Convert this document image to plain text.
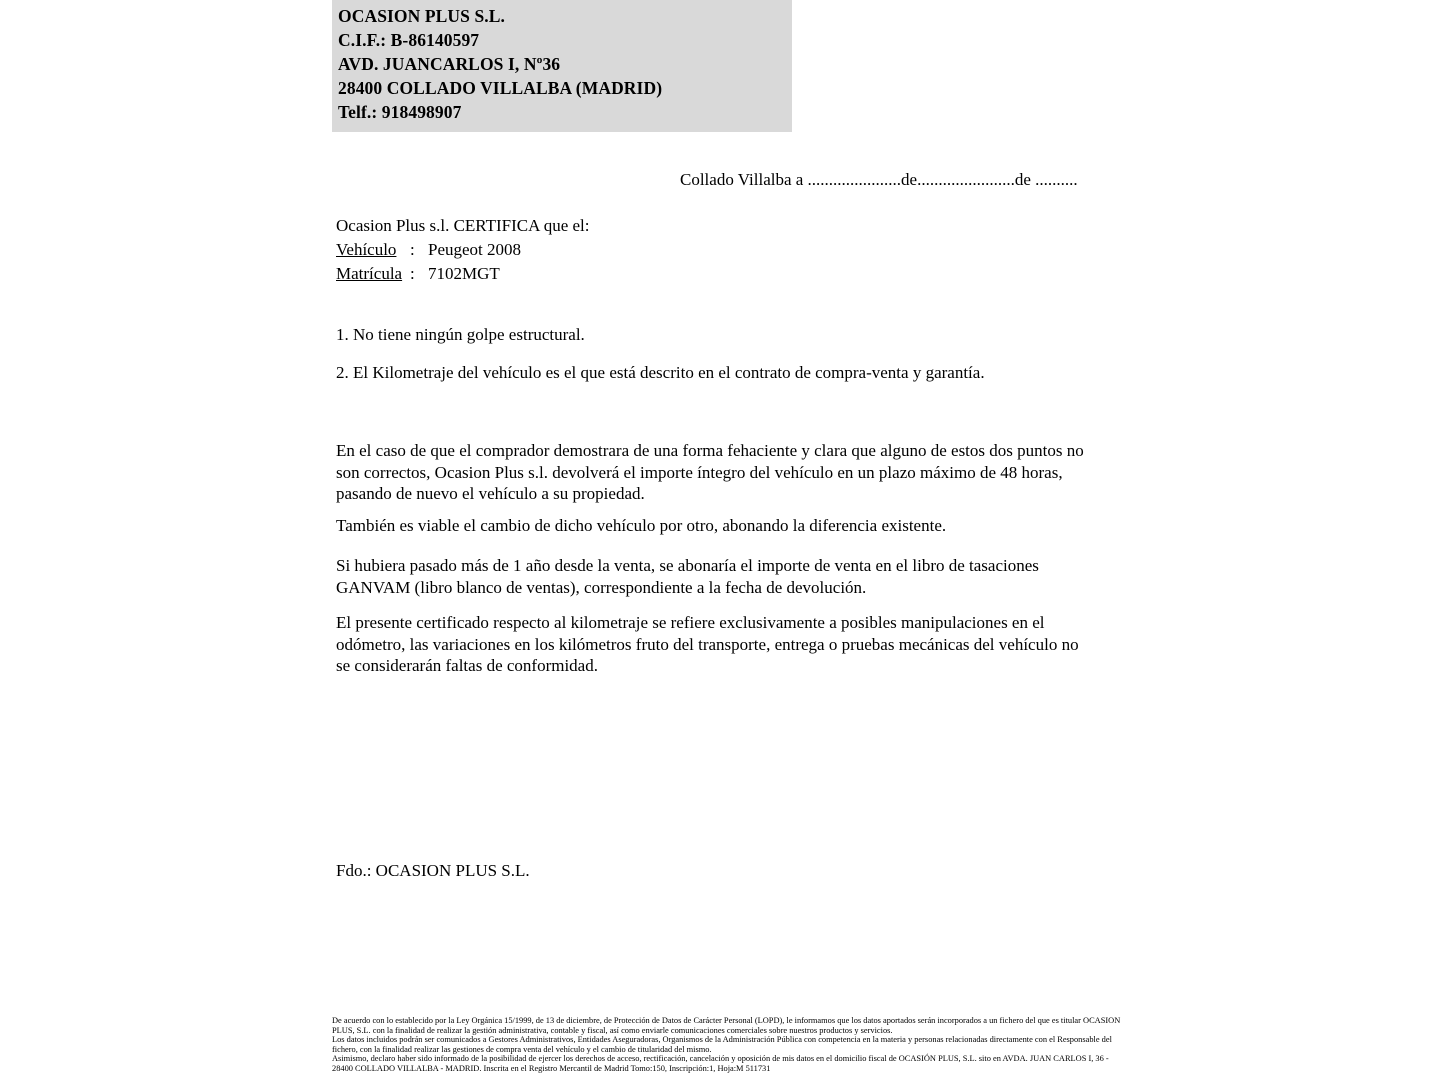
OCASION PLUS S.L.
C.I.F.: B-86140597
AVD. JUANCARLOS I, Nº36
28400 COLLADO VILLALBA (MADRID)
Telf.: 918498907
Collado Villalba a ......................de.......................de ..........
Ocasion Plus s.l. CERTIFICA que el:
Vehículo : Peugeot 2008
Matrícula : 7102MGT
1. No tiene ningún golpe estructural.
2. El Kilometraje del vehículo es el que está descrito en el contrato de compra-venta y garantía.
En el caso de que el comprador demostrara de una forma fehaciente y clara que alguno de estos dos puntos no son correctos, Ocasion Plus s.l. devolverá el importe íntegro del vehículo en un plazo máximo de 48 horas, pasando de nuevo el vehículo a su propiedad.
También es viable el cambio de dicho vehículo por otro, abonando la diferencia existente.
Si hubiera pasado más de 1 año desde la venta, se abonaría el importe de venta en el libro de tasaciones GANVAM (libro blanco de ventas), correspondiente a la fecha de devolución.
El presente certificado respecto al kilometraje se refiere exclusivamente a posibles manipulaciones en el odómetro, las variaciones en los kilómetros fruto del transporte, entrega o pruebas mecánicas del vehículo no se considerarán faltas de conformidad.
Fdo.: OCASION PLUS S.L.

De acuerdo con lo establecido por la Ley Orgánica 15/1999, de 13 de diciembre, de Protección de Datos de Carácter Personal (LOPD), le informamos que los datos aportados serán incorporados a un fichero del que es titular OCASION PLUS, S.L. con la finalidad de realizar la gestión administrativa, contable y fiscal, así como enviarle comunicaciones comerciales sobre nuestros productos y servicios.

Los datos incluidos podrán ser comunicados a Gestores Administrativos, Entidades Aseguradoras, Organismos de la Administración Pública con competencia en la materia y personas relacionadas directamente con el Responsable del fichero, con la finalidad realizar las gestiones de compra venta del vehículo y el cambio de titularidad del mismo.

Asimismo, declaro haber sido informado de la posibilidad de ejercer los derechos de acceso, rectificación, cancelación y oposición de mis datos en el domicilio fiscal de OCASIÓN PLUS, S.L. sito en AVDA. JUAN CARLOS I, 36 - 28400 COLLADO VILLALBA - MADRID. Inscrita en el Registro Mercantil de Madrid Tomo:150, Inscripción:1, Hoja:M 511731
